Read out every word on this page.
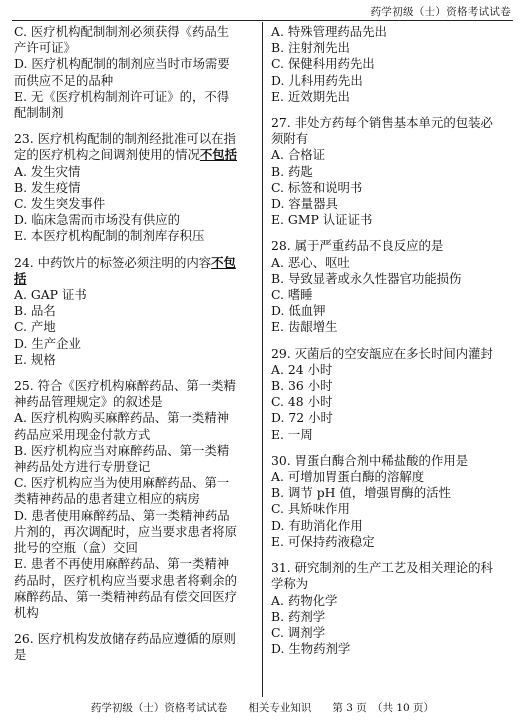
药学初级（士）资格考试试卷
C. 医疗机构配制制剂必须获得《药品生
产许可证》
D. 医疗机构配制的制剂应当时市场需要
而供应不足的品种
E. 无《医疗机构制剂许可证》的，不得
配制制剂
23. 医疗机构配制的制剂经批准可以在指
定的医疗机构之间调剂使用的情况不包括
A. 发生灾情
B. 发生疫情
C. 发生突发事件
D. 临床急需而市场没有供应的
E. 本医疗机构配制的制剂库存积压
24. 中药饮片的标签必须注明的内容不包
括
A. GAP 证书
B. 品名
C. 产地
D. 生产企业
E. 规格
25. 符合《医疗机构麻醉药品、第一类精
神药品管理规定》的叙述是
A. 医疗机构购买麻醉药品、第一类精神
药品应采用现金付款方式
B. 医疗机构应当对麻醉药品、第一类精
神药品处方进行专册登记
C. 医疗机构应当为使用麻醉药品、第一
类精神药品的患者建立相应的病房
D. 患者使用麻醉药品、第一类精神药品
片剂的，再次调配时，应当要求患者将原
批号的空瓶（盒）交回
E. 患者不再使用麻醉药品、第一类精神
药品时，医疗机构应当要求患者将剩余的
麻醉药品、第一类精神药品有偿交回医疗
机构
26. 医疗机构发放储存药品应遵循的原则
是
A. 特殊管理药品先出
B. 注射剂先出
C. 保健科用药先出
D. 儿科用药先出
E. 近效期先出
27. 非处方药每个销售基本单元的包装必
须附有
A. 合格证
B. 药匙
C. 标签和说明书
D. 容量器具
E. GMP 认证证书
28. 属于严重药品不良反应的是
A. 恶心、呕吐
B. 导致显著或永久性器官功能损伤
C. 嗜睡
D. 低血钾
E. 齿龈增生
29. 灭菌后的空安瓿应在多长时间内灌封
A. 24 小时
B. 36 小时
C. 48 小时
D. 72 小时
E. 一周
30. 胃蛋白酶合剂中稀盐酸的作用是
A. 可增加胃蛋白酶的溶解度
B. 调节 pH 值，增强胃酶的活性
C. 具矫味作用
D. 有助消化作用
E. 可保持药液稳定
31. 研究制剂的生产工艺及相关理论的科
学称为
A. 药物化学
B. 药剂学
C. 调剂学
D. 生物药剂学
药学初级（士）资格考试试卷　　相关专业知识　　第 3 页　（共 10 页）
